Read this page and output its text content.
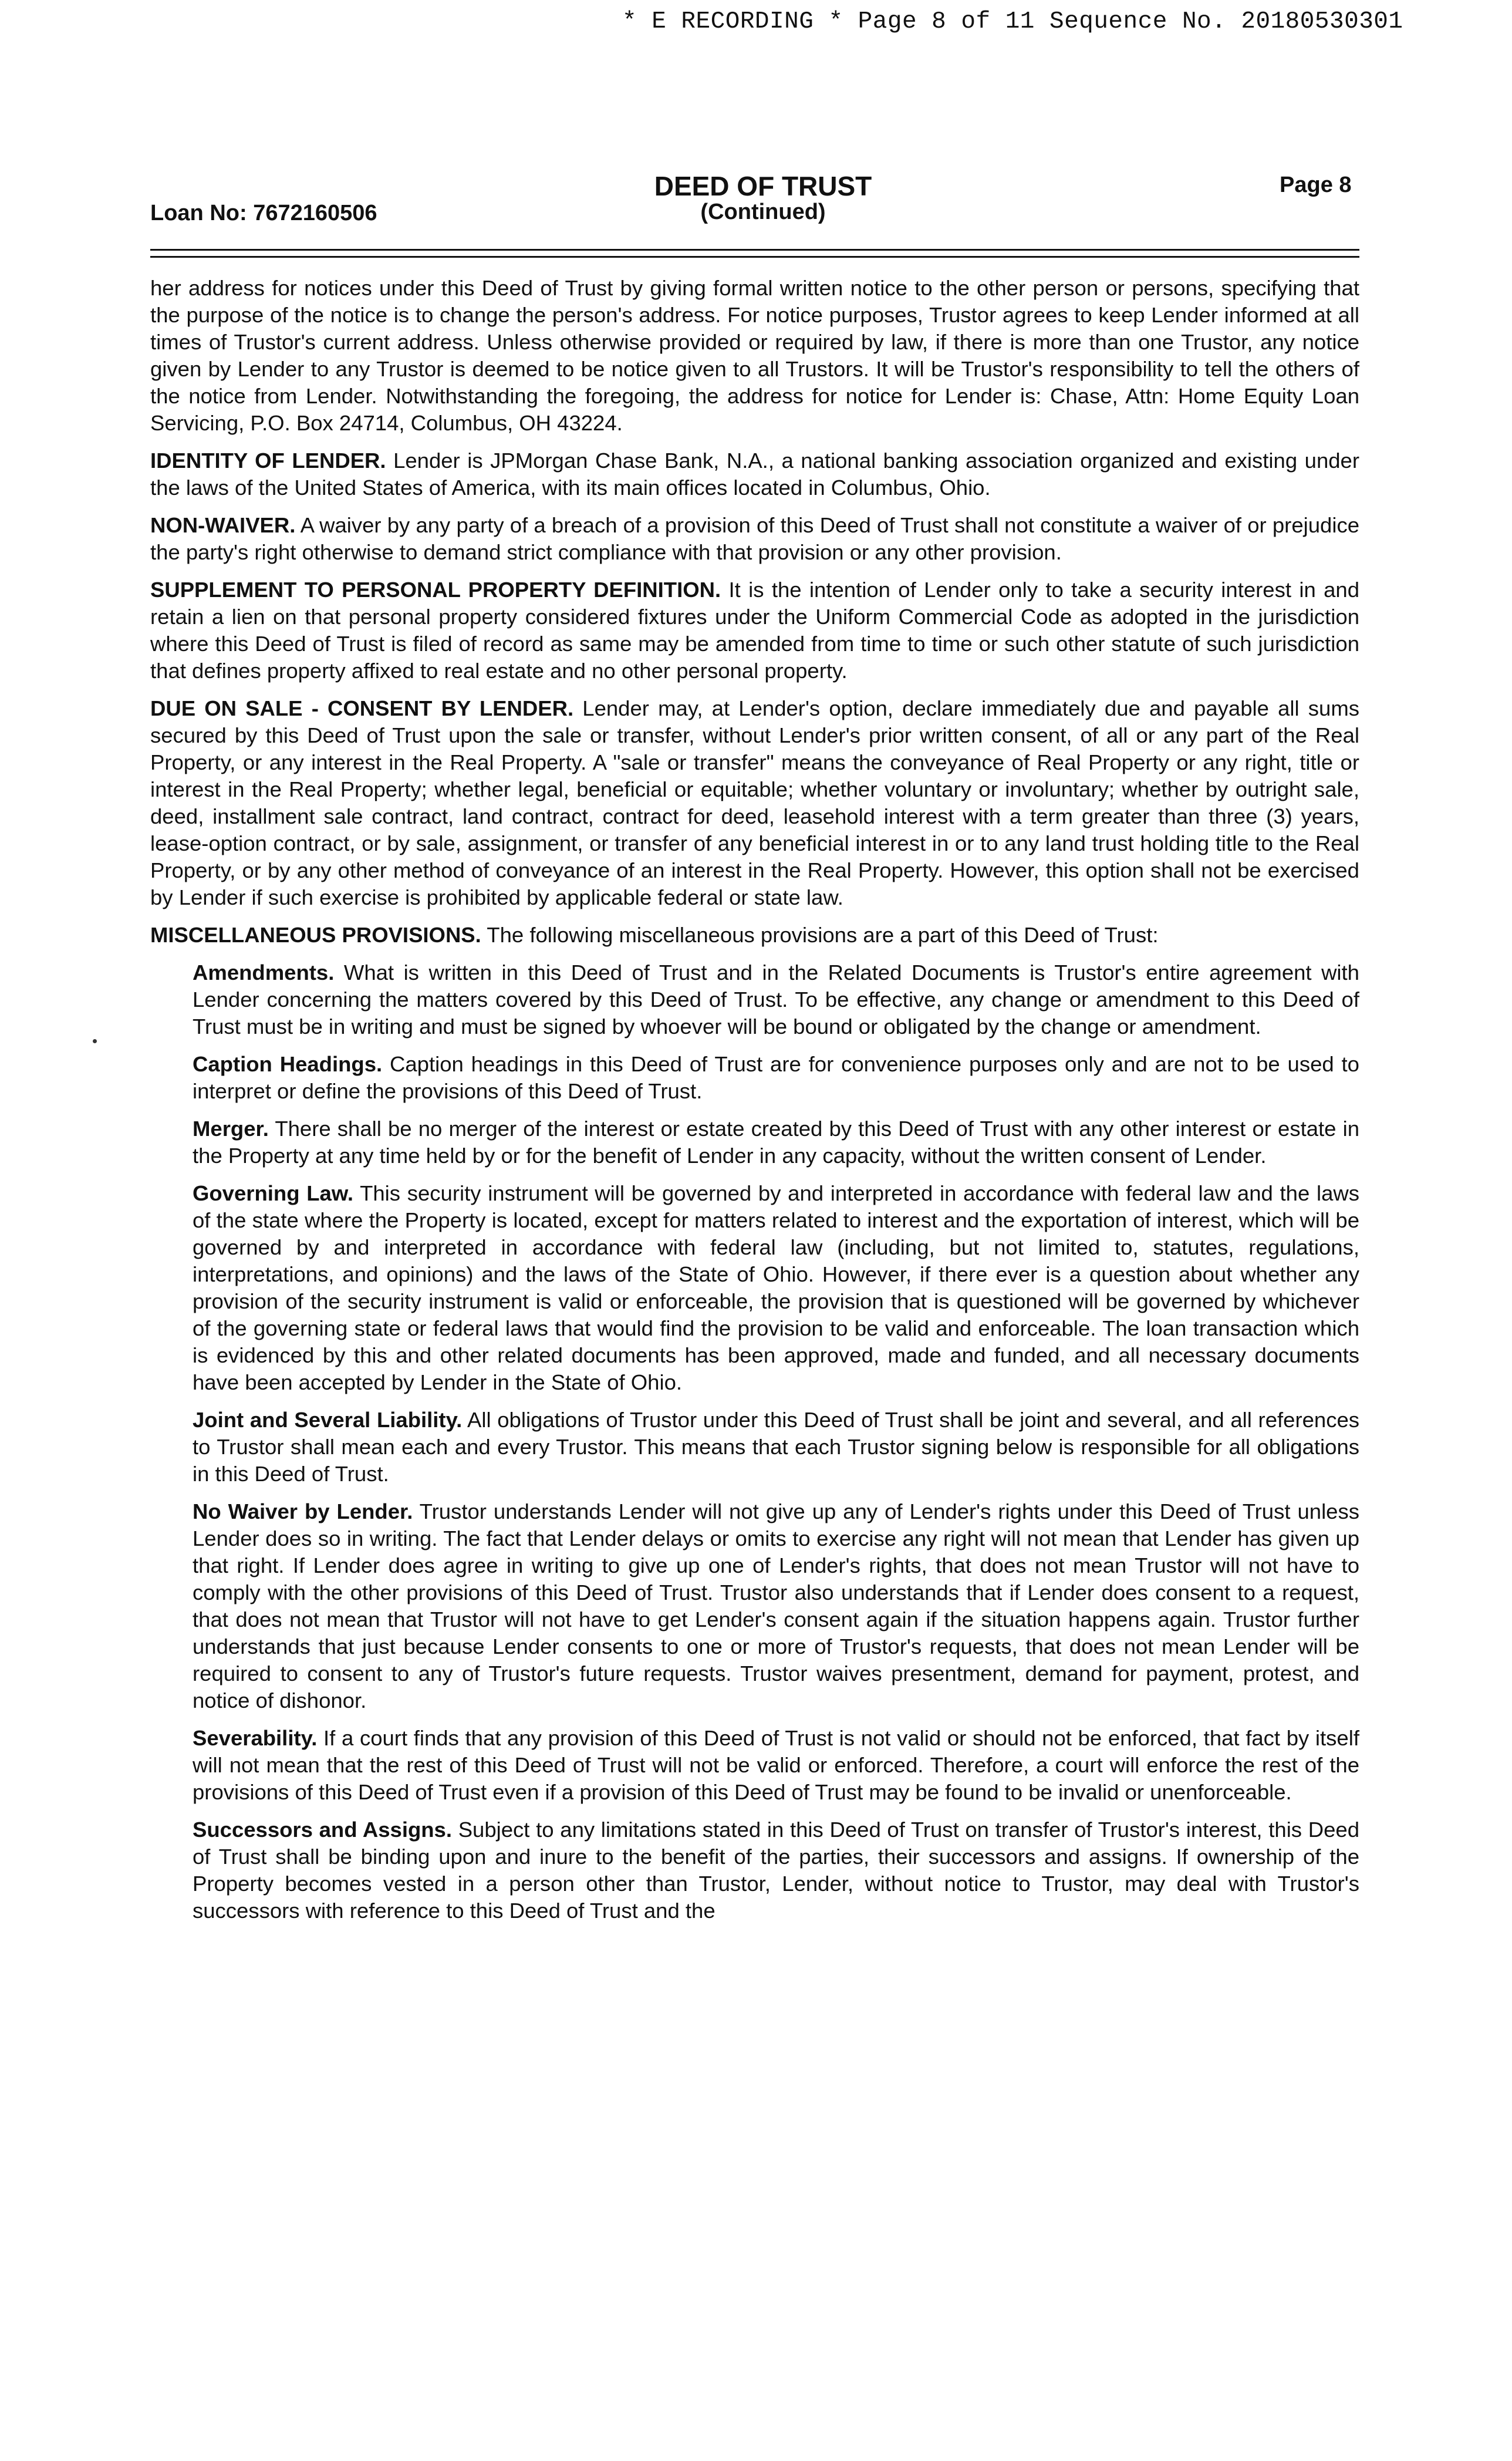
* E RECORDING * Page 8 of 11 Sequence No. 20180530301
Loan No: 7672160506
DEED OF TRUST
(Continued)
Page 8

her address for notices under this Deed of Trust by giving formal written notice to the other person or persons, specifying that the purpose of the notice is to change the person's address. For notice purposes, Trustor agrees to keep Lender informed at all times of Trustor's current address. Unless otherwise provided or required by law, if there is more than one Trustor, any notice given by Lender to any Trustor is deemed to be notice given to all Trustors. It will be Trustor's responsibility to tell the others of the notice from Lender. Notwithstanding the foregoing, the address for notice for Lender is: Chase, Attn: Home Equity Loan Servicing, P.O. Box 24714, Columbus, OH 43224.

IDENTITY OF LENDER. Lender is JPMorgan Chase Bank, N.A., a national banking association organized and existing under the laws of the United States of America, with its main offices located in Columbus, Ohio.

NON-WAIVER. A waiver by any party of a breach of a provision of this Deed of Trust shall not constitute a waiver of or prejudice the party's right otherwise to demand strict compliance with that provision or any other provision.

SUPPLEMENT TO PERSONAL PROPERTY DEFINITION. It is the intention of Lender only to take a security interest in and retain a lien on that personal property considered fixtures under the Uniform Commercial Code as adopted in the jurisdiction where this Deed of Trust is filed of record as same may be amended from time to time or such other statute of such jurisdiction that defines property affixed to real estate and no other personal property.

DUE ON SALE - CONSENT BY LENDER. Lender may, at Lender's option, declare immediately due and payable all sums secured by this Deed of Trust upon the sale or transfer, without Lender's prior written consent, of all or any part of the Real Property, or any interest in the Real Property. A "sale or transfer" means the conveyance of Real Property or any right, title or interest in the Real Property; whether legal, beneficial or equitable; whether voluntary or involuntary; whether by outright sale, deed, installment sale contract, land contract, contract for deed, leasehold interest with a term greater than three (3) years, lease-option contract, or by sale, assignment, or transfer of any beneficial interest in or to any land trust holding title to the Real Property, or by any other method of conveyance of an interest in the Real Property. However, this option shall not be exercised by Lender if such exercise is prohibited by applicable federal or state law.

MISCELLANEOUS PROVISIONS. The following miscellaneous provisions are a part of this Deed of Trust:

Amendments. What is written in this Deed of Trust and in the Related Documents is Trustor's entire agreement with Lender concerning the matters covered by this Deed of Trust. To be effective, any change or amendment to this Deed of Trust must be in writing and must be signed by whoever will be bound or obligated by the change or amendment.

Caption Headings. Caption headings in this Deed of Trust are for convenience purposes only and are not to be used to interpret or define the provisions of this Deed of Trust.

Merger. There shall be no merger of the interest or estate created by this Deed of Trust with any other interest or estate in the Property at any time held by or for the benefit of Lender in any capacity, without the written consent of Lender.

Governing Law. This security instrument will be governed by and interpreted in accordance with federal law and the laws of the state where the Property is located, except for matters related to interest and the exportation of interest, which will be governed by and interpreted in accordance with federal law (including, but not limited to, statutes, regulations, interpretations, and opinions) and the laws of the State of Ohio. However, if there ever is a question about whether any provision of the security instrument is valid or enforceable, the provision that is questioned will be governed by whichever of the governing state or federal laws that would find the provision to be valid and enforceable. The loan transaction which is evidenced by this and other related documents has been approved, made and funded, and all necessary documents have been accepted by Lender in the State of Ohio.

Joint and Several Liability. All obligations of Trustor under this Deed of Trust shall be joint and several, and all references to Trustor shall mean each and every Trustor. This means that each Trustor signing below is responsible for all obligations in this Deed of Trust.

No Waiver by Lender. Trustor understands Lender will not give up any of Lender's rights under this Deed of Trust unless Lender does so in writing. The fact that Lender delays or omits to exercise any right will not mean that Lender has given up that right. If Lender does agree in writing to give up one of Lender's rights, that does not mean Trustor will not have to comply with the other provisions of this Deed of Trust. Trustor also understands that if Lender does consent to a request, that does not mean that Trustor will not have to get Lender's consent again if the situation happens again. Trustor further understands that just because Lender consents to one or more of Trustor's requests, that does not mean Lender will be required to consent to any of Trustor's future requests. Trustor waives presentment, demand for payment, protest, and notice of dishonor.

Severability. If a court finds that any provision of this Deed of Trust is not valid or should not be enforced, that fact by itself will not mean that the rest of this Deed of Trust will not be valid or enforced. Therefore, a court will enforce the rest of the provisions of this Deed of Trust even if a provision of this Deed of Trust may be found to be invalid or unenforceable.

Successors and Assigns. Subject to any limitations stated in this Deed of Trust on transfer of Trustor's interest, this Deed of Trust shall be binding upon and inure to the benefit of the parties, their successors and assigns. If ownership of the Property becomes vested in a person other than Trustor, Lender, without notice to Trustor, may deal with Trustor's successors with reference to this Deed of Trust and the
